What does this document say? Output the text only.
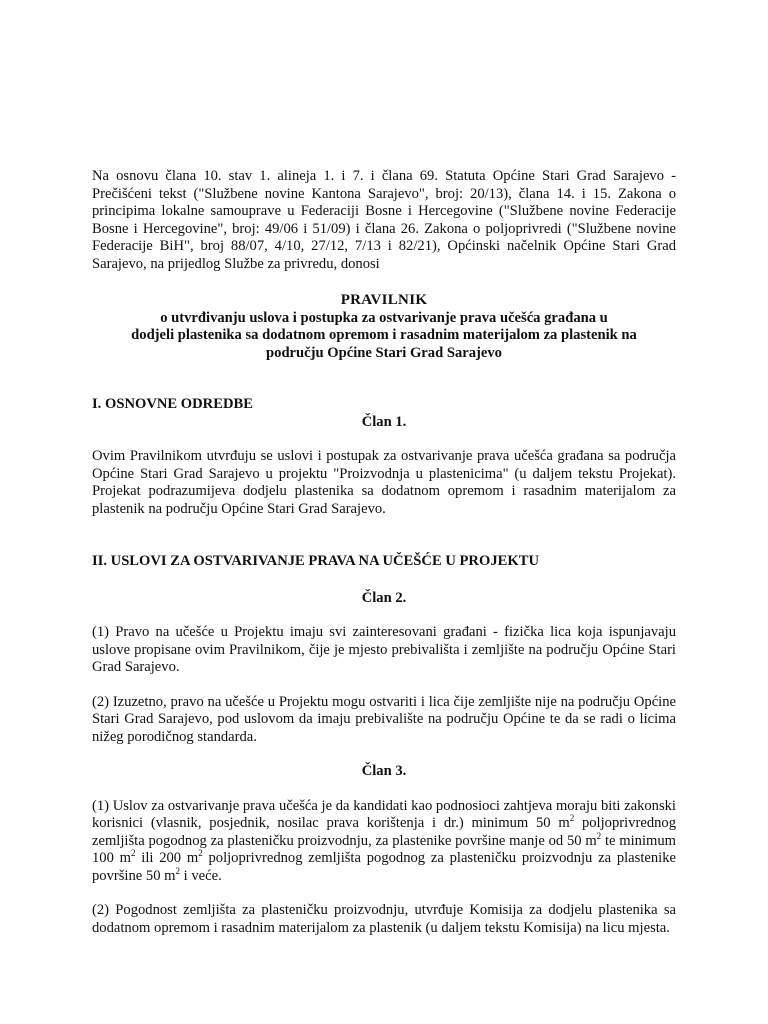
Na osnovu člana 10. stav 1. alineja 1. i 7. i člana 69. Statuta Općine Stari Grad Sarajevo - Prečišćeni tekst ("Službene novine Kantona Sarajevo", broj: 20/13), člana 14. i 15. Zakona o principima lokalne samouprave u Federaciji Bosne i Hercegovine ("Službene novine Federacije Bosne i Hercegovine", broj: 49/06 i 51/09) i člana 26. Zakona o poljoprivredi ("Službene novine Federacije BiH", broj 88/07, 4/10, 27/12, 7/13 i 82/21), Općinski načelnik Općine Stari Grad Sarajevo, na prijedlog Službe za privredu, donosi

PRAVILNIK

o utvrđivanju uslova i postupka za ostvarivanje prava učešća građana u

dodjeli plastenika sa dodatnom opremom i rasadnim materijalom za plastenik na

području Općine Stari Grad Sarajevo

I. OSNOVNE ODREDBE

Član 1.

Ovim Pravilnikom utvrđuju se uslovi i postupak za ostvarivanje prava učešća građana sa područja Općine Stari Grad Sarajevo u projektu "Proizvodnja u plastenicima" (u daljem tekstu Projekat). Projekat podrazumijeva dodjelu plastenika sa dodatnom opremom i rasadnim materijalom za plastenik na području Općine Stari Grad Sarajevo.

II. USLOVI ZA OSTVARIVANJE PRAVA NA UČEŠĆE U PROJEKTU

Član 2.

(1) Pravo na učešće u Projektu imaju svi zainteresovani građani - fizička lica koja ispunjavaju uslove propisane ovim Pravilnikom, čije je mjesto prebivališta i zemljište na području Općine Stari Grad Sarajevo.

(2) Izuzetno, pravo na učešće u Projektu mogu ostvariti i lica čije zemljište nije na području Općine Stari Grad Sarajevo, pod uslovom da imaju prebivalište na području Općine te da se radi o licima nižeg porodičnog standarda.

Član 3.

(1) Uslov za ostvarivanje prava učešća je da kandidati kao podnosioci zahtjeva moraju biti zakonski korisnici (vlasnik, posjednik, nosilac prava korištenja i dr.) minimum 50 $m^2$ poljoprivrednog zemljišta pogodnog za plasteničku proizvodnju, za plastenike površine manje od 50 $m^2$ te minimum 100 $m^2$ ili 200 $m^2$ poljoprivrednog zemljišta pogodnog za plasteničku proizvodnju za plastenike površine 50 $m^2$ i veće.

(2) Pogodnost zemljišta za plasteničku proizvodnju, utvrđuje Komisija za dodjelu plastenika sa dodatnom opremom i rasadnim materijalom za plastenik (u daljem tekstu Komisija) na licu mjesta.
